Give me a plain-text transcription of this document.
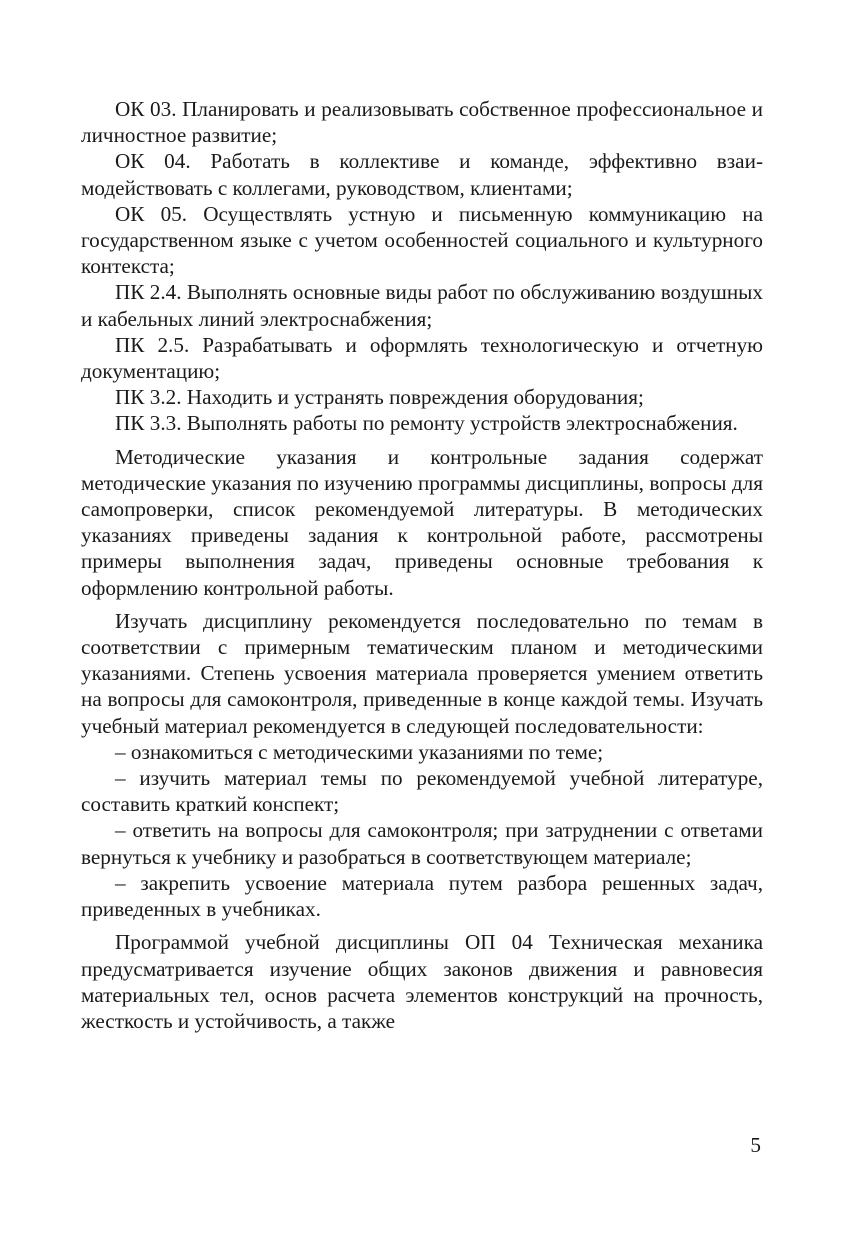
ОК 03. Планировать и реализовывать собственное профессиональное и личностное развитие;

ОК 04. Работать в коллективе и команде, эффективно взаимодействовать с коллегами, руководством, клиентами;

ОК 05. Осуществлять устную и письменную коммуникацию на государственном языке с учетом особенностей социального и культурного контекста;

ПК 2.4. Выполнять основные виды работ по обслуживанию воздушных и кабельных линий электроснабжения;

ПК 2.5. Разрабатывать и оформлять технологическую и отчетную документацию;

ПК 3.2. Находить и устранять повреждения оборудования;

ПК 3.3. Выполнять работы по ремонту устройств электроснабжения.

Методические указания и контрольные задания содержат методические указания по изучению программы дисциплины, вопросы для самопроверки, список рекомендуемой литературы. В методических указаниях приведены задания к контрольной работе, рассмотрены примеры выполнения задач, приведены основные требования к оформлению контрольной работы.

Изучать дисциплину рекомендуется последовательно по темам в соответствии с примерным тематическим планом и методическими указаниями. Степень усвоения материала проверяется умением ответить на вопросы для самоконтроля, приведенные в конце каждой темы. Изучать учебный материал рекомендуется в следующей последовательности:

– ознакомиться с методическими указаниями по теме;

– изучить материал темы по рекомендуемой учебной литературе, составить краткий конспект;

– ответить на вопросы для самоконтроля; при затруднении с ответами вернуться к учебнику и разобраться в соответствующем материале;

– закрепить усвоение материала путем разбора решенных задач, приведенных в учебниках.

Программой учебной дисциплины ОП 04 Техническая механика предусматривается изучение общих законов движения и равновесия материальных тел, основ расчета элементов конструкций на прочность, жесткость и устойчивость, а также

5
